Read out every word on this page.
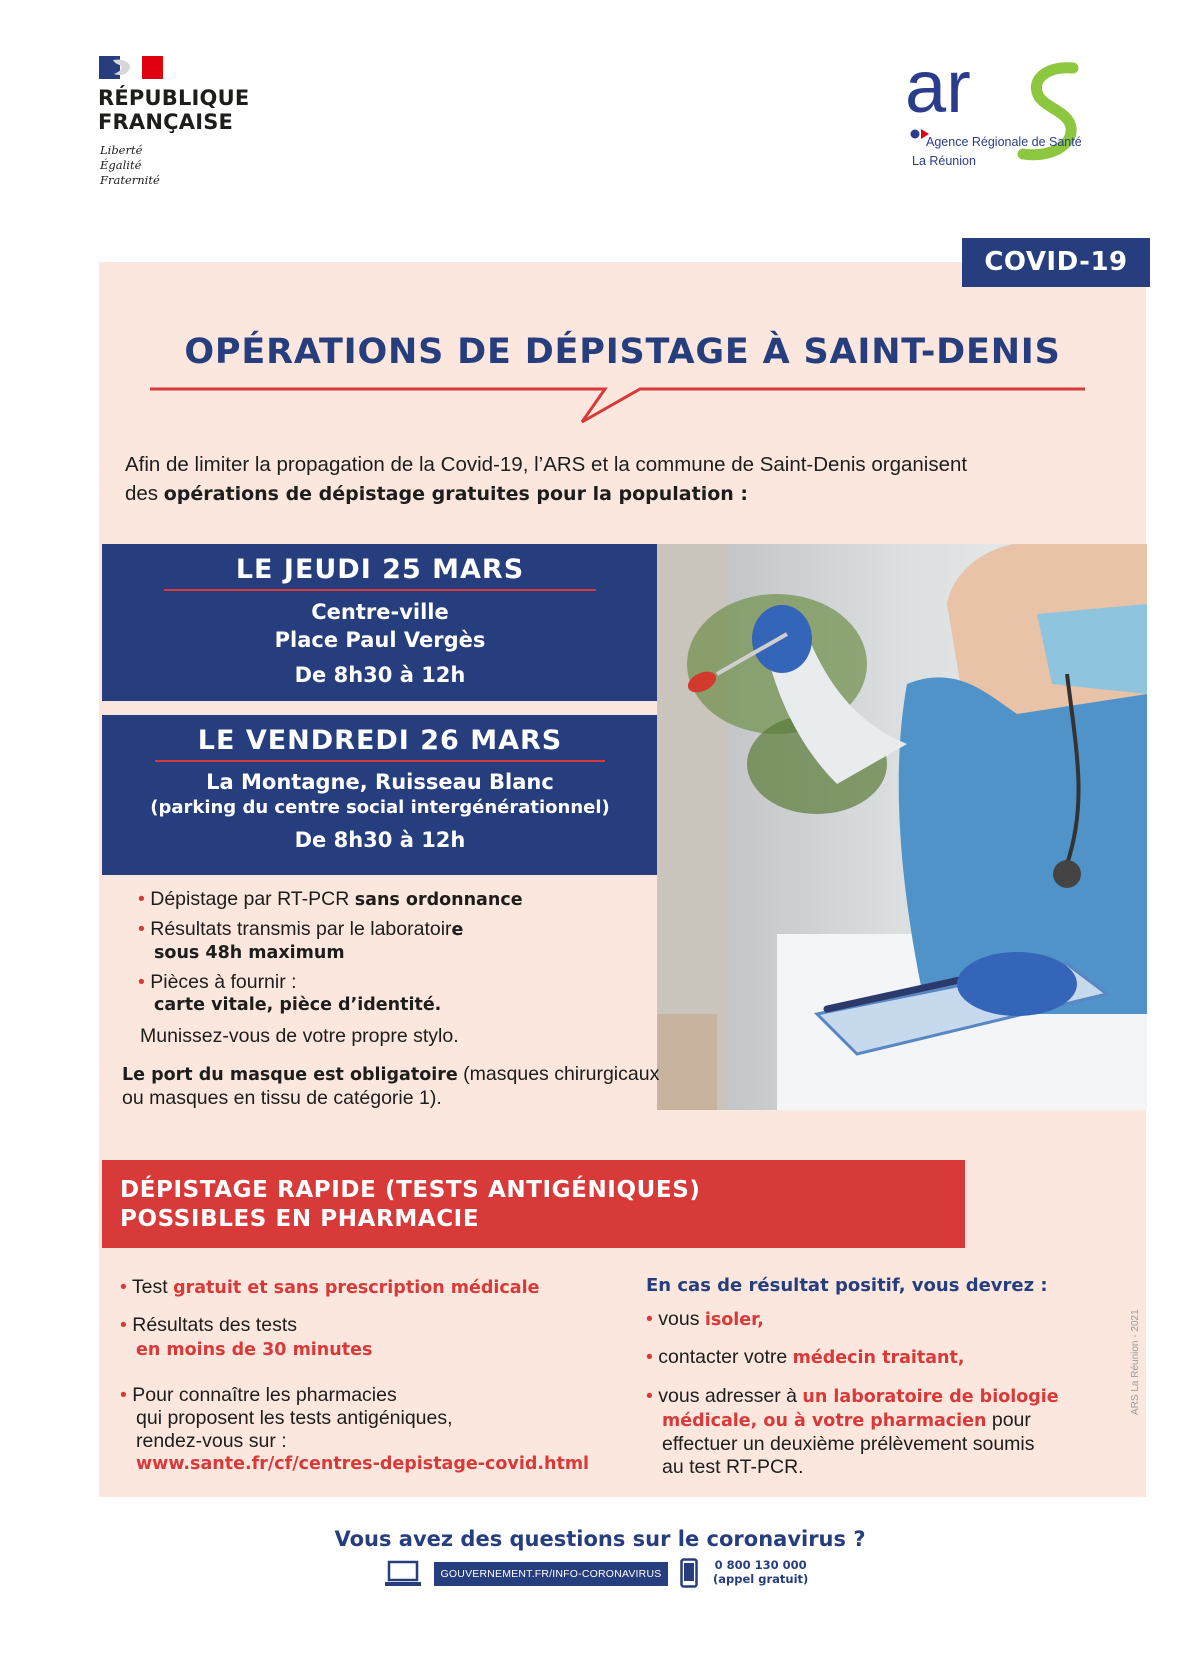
RÉPUBLIQUE
FRANÇAISE
Liberté
Égalité
Fraternité
ar
Agence Régionale de Santé
La Réunion
COVID-19
OPÉRATIONS DE DÉPISTAGE À SAINT-DENIS
Afin de limiter la propagation de la Covid-19, l’ARS et la commune de Saint-Denis organisent
des opérations de dépistage gratuites pour la population :
LE JEUDI 25 MARS
Centre-ville
Place Paul Vergès
De 8h30 à 12h
LE VENDREDI 26 MARS
La Montagne, Ruisseau Blanc
(parking du centre social intergénérationnel)
De 8h30 à 12h
• Dépistage par RT-PCR sans ordonnance
• Résultats transmis par le laboratoire
sous 48h maximum
• Pièces à fournir :
carte vitale, pièce d’identité.
Munissez-vous de votre propre stylo.
Le port du masque est obligatoire (masques chirurgicaux ou masques en tissu de catégorie 1).
DÉPISTAGE RAPIDE (TESTS ANTIGÉNIQUES)
POSSIBLES EN PHARMACIE
• Test gratuit et sans prescription médicale
• Résultats des tests
en moins de 30 minutes
• Pour connaître les pharmacies
qui proposent les tests antigéniques,
rendez-vous sur :
www.sante.fr/cf/centres-depistage-covid.html
En cas de résultat positif, vous devrez :
• vous isoler,
• contacter votre médecin traitant,
• vous adresser à un laboratoire de biologie
médicale, ou à votre pharmacien pour
effectuer un deuxième prélèvement soumis
au test RT-PCR.
ARS La Réunion - 2021
Vous avez des questions sur le coronavirus ?
GOUVERNEMENT.FR/INFO-CORONAVIRUS
0 800 130 000
(appel gratuit)
